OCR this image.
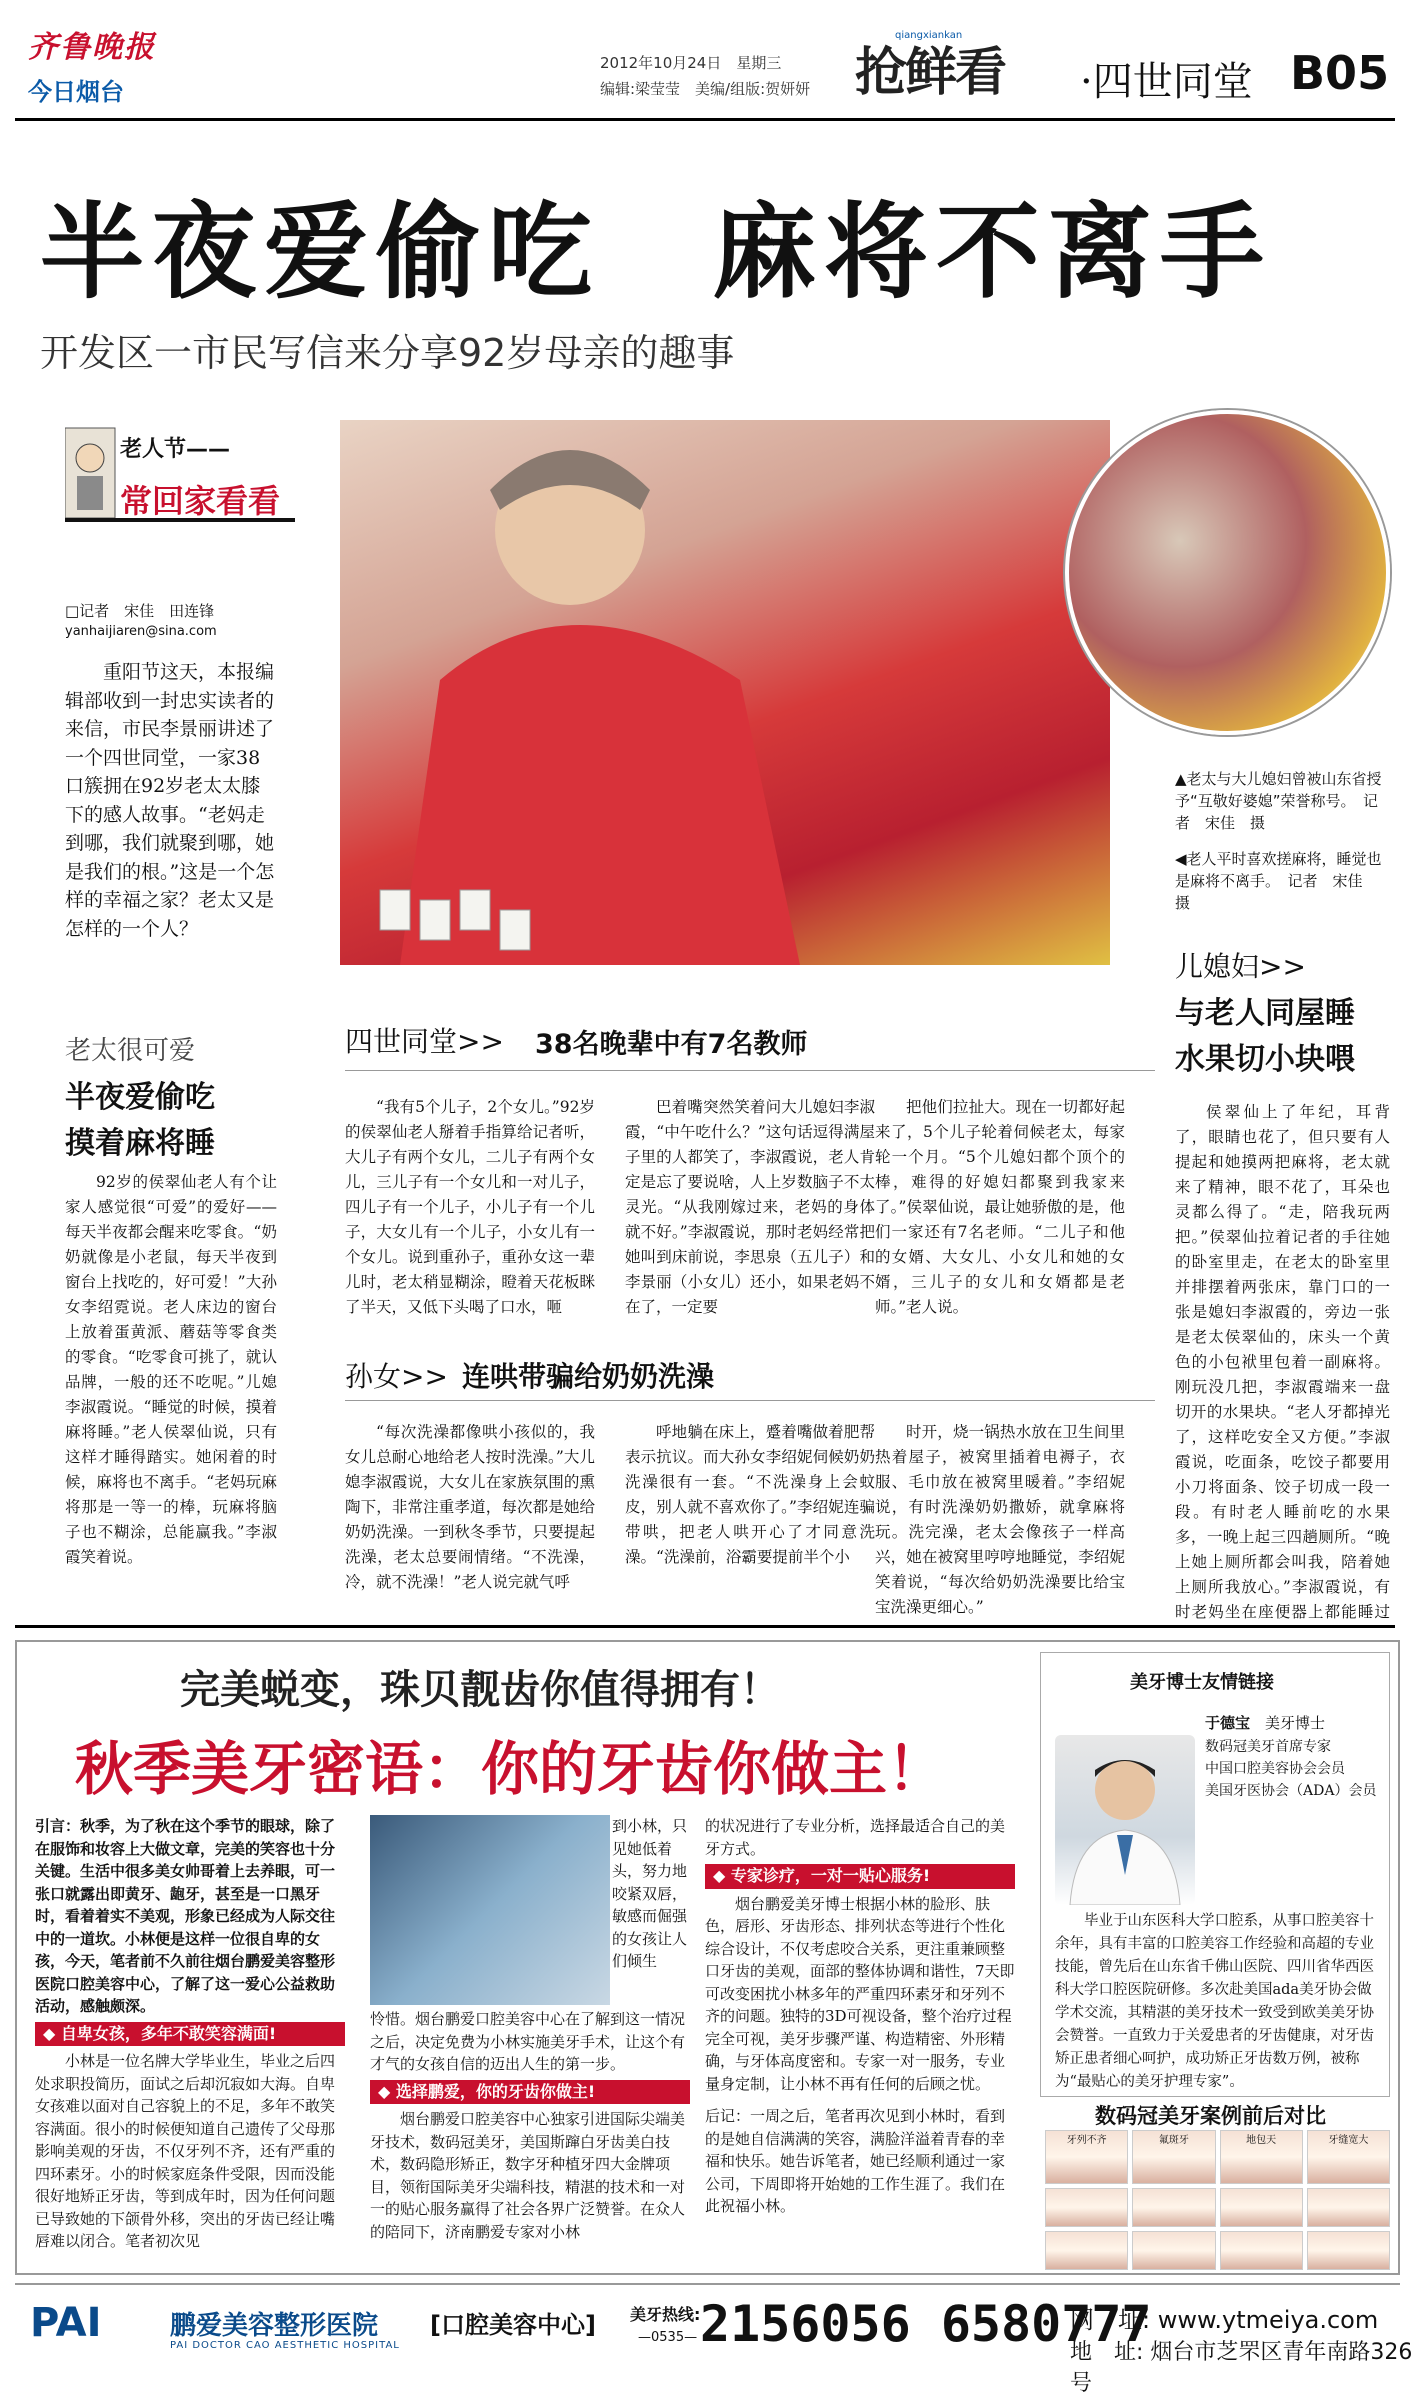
齐鲁晚报
今日烟台
2012年10月24日　星期三
编辑:梁莹莹　美编/组版:贺妍妍 抢鲜看
qiangxiankan
·四世同堂 B05
半夜爱偷吃　麻将不离手
开发区一市民写信来分享92岁母亲的趣事
老人节——
常回家看看
□记者　宋佳　田连锋
yanhaijiaren@sina.com

重阳节这天，本报编辑部收到一封忠实读者的来信，市民李景丽讲述了一个四世同堂，一家38口簇拥在92岁老太太膝下的感人故事。“老妈走到哪，我们就聚到哪，她是我们的根。”这是一个怎样的幸福之家？老太又是怎样的一个人？

老太很可爱
半夜爱偷吃
摸着麻将睡

92岁的侯翠仙老人有个让家人感觉很“可爱”的爱好——每天半夜都会醒来吃零食。“奶奶就像是小老鼠，每天半夜到窗台上找吃的，好可爱！”大孙女李绍霓说。老人床边的窗台上放着蛋黄派、蘑菇等零食类的零食。“吃零食可挑了，就认品牌，一般的还不吃呢。”儿媳李淑霞说。“睡觉的时候，摸着麻将睡。”老人侯翠仙说，只有这样才睡得踏实。她闲着的时候，麻将也不离手。“老妈玩麻将那是一等一的棒，玩麻将脑子也不糊涂，总能赢我。”李淑霞笑着说。

▲老太与大儿媳妇曾被山东省授予“互敬好婆媳”荣誉称号。　记者　宋佳　摄
◀老人平时喜欢搓麻将，睡觉也是麻将不离手。　记者　宋佳　摄
儿媳妇>>
与老人同屋睡
水果切小块喂

侯翠仙上了年纪，耳背了，眼睛也花了，但只要有人提起和她摸两把麻将，老太就来了精神，眼不花了，耳朵也灵都么得了。“走，陪我玩两把。”侯翠仙拉着记者的手往她的卧室里走，在老太的卧室里并排摆着两张床，靠门口的一张是媳妇李淑霞的，旁边一张是老太侯翠仙的，床头一个黄色的小包袱里包着一副麻将。刚玩没几把，李淑霞端来一盘切开的水果块。“老人牙都掉光了，这样吃安全又方便。”李淑霞说，吃面条，吃饺子都要用小刀将面条、饺子切成一段一段。有时老人睡前吃的水果多，一晚上起三四趟厕所。“晚上她上厕所都会叫我，陪着她上厕所我放心。”李淑霞说，有时老妈坐在座便器上都能睡过

四世同堂>> 38名晚辈中有7名教师

“我有5个儿子，2个女儿。”92岁的侯翠仙老人掰着手指算给记者听，大儿子有两个女儿，二儿子有两个女儿，三儿子有一个女儿和一对儿子，四儿子有一个儿子，小儿子有一个儿子，大女儿有一个儿子，小女儿有一个女儿。说到重孙子，重孙女这一辈儿时，老太稍显糊涂，瞪着天花板眯了半天，又低下头喝了口水，咂

巴着嘴突然笑着问大儿媳妇李淑霞，“中午吃什么？”这句话逗得满屋子里的人都笑了，李淑霞说，老人肯定是忘了要说啥，人上岁数脑子不太灵光。“从我刚嫁过来，老妈的身体就不好。”李淑霞说，那时老妈经常把她叫到床前说，李思泉（五儿子）和李景丽（小女儿）还小，如果老妈不在了，一定要

把他们拉扯大。现在一切都好起来了，5个儿子轮着伺候老太，每家轮一个月。“5个儿媳妇都个顶个的棒，难得的好媳妇都聚到我家来了。”侯翠仙说，最让她骄傲的是，他们一家还有7名老师。“二儿子和他的女婿、大女儿、小女儿和她的女婿，三儿子的女儿和女婿都是老师。”老人说。

孙女>> 连哄带骗给奶奶洗澡

“每次洗澡都像哄小孩似的，我女儿总耐心地给老人按时洗澡。”大儿媳李淑霞说，大女儿在家族氛围的熏陶下，非常注重孝道，每次都是她给奶奶洗澡。一到秋冬季节，只要提起洗澡，老太总要闹情绪。“不洗澡，冷，就不洗澡！”老人说完就气呼

呼地躺在床上，蹙着嘴做着肥帮表示抗议。而大孙女李绍妮伺候奶奶洗澡很有一套。“不洗澡身上会蚊皮，别人就不喜欢你了。”李绍妮连骗带哄，把老人哄开心了才同意洗澡。“洗澡前，浴霸要提前半个小

时开，烧一锅热水放在卫生间里热着屋子，被窝里插着电褥子，衣服、毛巾放在被窝里暖着。”李绍妮说，有时洗澡奶奶撒娇，就拿麻将玩。洗完澡，老太会像孩子一样高兴，她在被窝里哼哼地睡觉，李绍妮笑着说，“每次给奶奶洗澡要比给宝宝洗澡更细心。”

完美蜕变，珠贝靓齿你值得拥有！
秋季美牙密语：你的牙齿你做主！
引言：秋季，为了秋在这个季节的眼球，除了在服饰和妆容上大做文章，完美的笑容也十分关键。生活中很多美女帅哥着上去养眼，可一张口就露出即黄牙、龅牙，甚至是一口黑牙时，看着着实不美观，形象已经成为人际交往中的一道坎。小林便是这样一位很自卑的女孩，今天，笔者前不久前往烟台鹏爱美容整形医院口腔美容中心，了解了这一爱心公益救助活动，感触颇深。
◆ 自卑女孩，多年不敢笑容满面!
小林是一位名牌大学毕业生，毕业之后四处求职投简历，面试之后却沉寂如大海。自卑女孩难以面对自己容貌上的不足，多年不敢笑容满面。很小的时候便知道自己遗传了父母那影响美观的牙齿，不仅牙列不齐，还有严重的四环素牙。小的时候家庭条件受限，因而没能很好地矫正牙齿，等到成年时，因为任何问题已导致她的下颌骨外移，突出的牙齿已经让嘴唇难以闭合。笔者初次见
到小林，只见她低着头，努力地咬紧双唇，敏感而倔强的女孩让人们倾生
怜惜。烟台鹏爱口腔美容中心在了解到这一情况之后，决定免费为小林实施美牙手术，让这个有才气的女孩自信的迈出人生的第一步。
◆ 选择鹏爱，你的牙齿你做主!
烟台鹏爱口腔美容中心独家引进国际尖端美牙技术，数码冠美牙，美国斯蹿白牙齿美白技术，数码隐形矫正，数字牙种植牙四大金牌项目，领衔国际美牙尖端科技，精湛的技术和一对一的贴心服务赢得了社会各界广泛赞誉。在众人的陪同下，济南鹏爱专家对小林
的状况进行了专业分析，选择最适合自己的美牙方式。
◆ 专家诊疗，一对一贴心服务!
烟台鹏爱美牙博士根据小林的脸形、肤色，唇形、牙齿形态、排列状态等进行个性化综合设计，不仅考虑咬合关系，更注重兼顾整口牙齿的美观，面部的整体协调和谐性，7天即可改变困扰小林多年的严重四环素牙和牙列不齐的问题。独特的3D可视设备，整个治疗过程完全可视，美牙步骤严谨、构造精密、外形精确，与牙体高度密和。专家一对一服务，专业量身定制，让小林不再有任何的后顾之忧。
后记：一周之后，笔者再次见到小林时，看到的是她自信满满的笑容，满脸洋溢着青春的幸福和快乐。她告诉笔者，她已经顺利通过一家公司，下周即将开始她的工作生涯了。我们在此祝福小林。
美牙博士友情链接
于德宝　 美牙博士
数码冠美牙首席专家
中国口腔美容协会会员
美国牙医协会（ADA）会员
毕业于山东医科大学口腔系，从事口腔美容十余年，具有丰富的口腔美容工作经验和高超的专业技能，曾先后在山东省千佛山医院、四川省华西医科大学口腔医院研修。多次赴美国ada美牙协会做学术交流，其精湛的美牙技术一致受到欧美美牙协会赞誉。一直致力于关爱患者的牙齿健康，对牙齿矫正患者细心呵护，成功矫正牙齿数万例，被称为“最贴心的美牙护理专家”。
数码冠美牙案例前后对比
牙列不齐	氟斑牙	地包天	牙缝宽大
PAI	鹏爱美容整形医院
PAI DOCTOR CAO AESTHETIC HOSPITAL
[口腔美容中心] 美牙热线:
—0535— 2156056 6580777
网　址: www.ytmeiya.com
地　址: 烟台市芝罘区青年南路326号
